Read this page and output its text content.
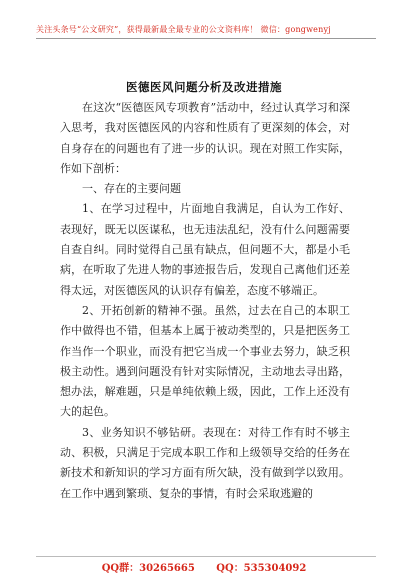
关注头条号“公文研究”，获得最新最全最专业的公文资料库！ 微信：gongwenyj
医德医风问题分析及改进措施

在这次“医德医风专项教育”活动中，经过认真学习和深入思考，我对医德医风的内容和性质有了更深刻的体会，对自身存在的问题也有了进一步的认识。现在对照工作实际，作如下剖析：

一、存在的主要问题

1、在学习过程中，片面地自我满足，自认为工作好、表现好，既无以医谋私，也无违法乱纪，没有什么问题需要自查自纠。同时觉得自己虽有缺点，但问题不大，都是小毛病，在听取了先进人物的事迹报告后，发现自己离他们还差得太远，对医德医风的认识存有偏差，态度不够端正。

2、开拓创新的精神不强。虽然，过去在自己的本职工作中做得也不错，但基本上属于被动类型的，只是把医务工作当作一个职业，而没有把它当成一个事业去努力，缺乏积极主动性。遇到问题没有针对实际情况，主动地去寻出路，想办法，解难题，只是单纯依赖上级，因此，工作上还没有大的起色。

3、业务知识不够钻研。表现在：对待工作有时不够主动、积极，只满足于完成本职工作和上级领导交给的任务在新技术和新知识的学习方面有所欠缺，没有做到学以致用。在工作中遇到繁琐、复杂的事情，有时会采取逃避的

QQ群：30265665 QQ：535304092
